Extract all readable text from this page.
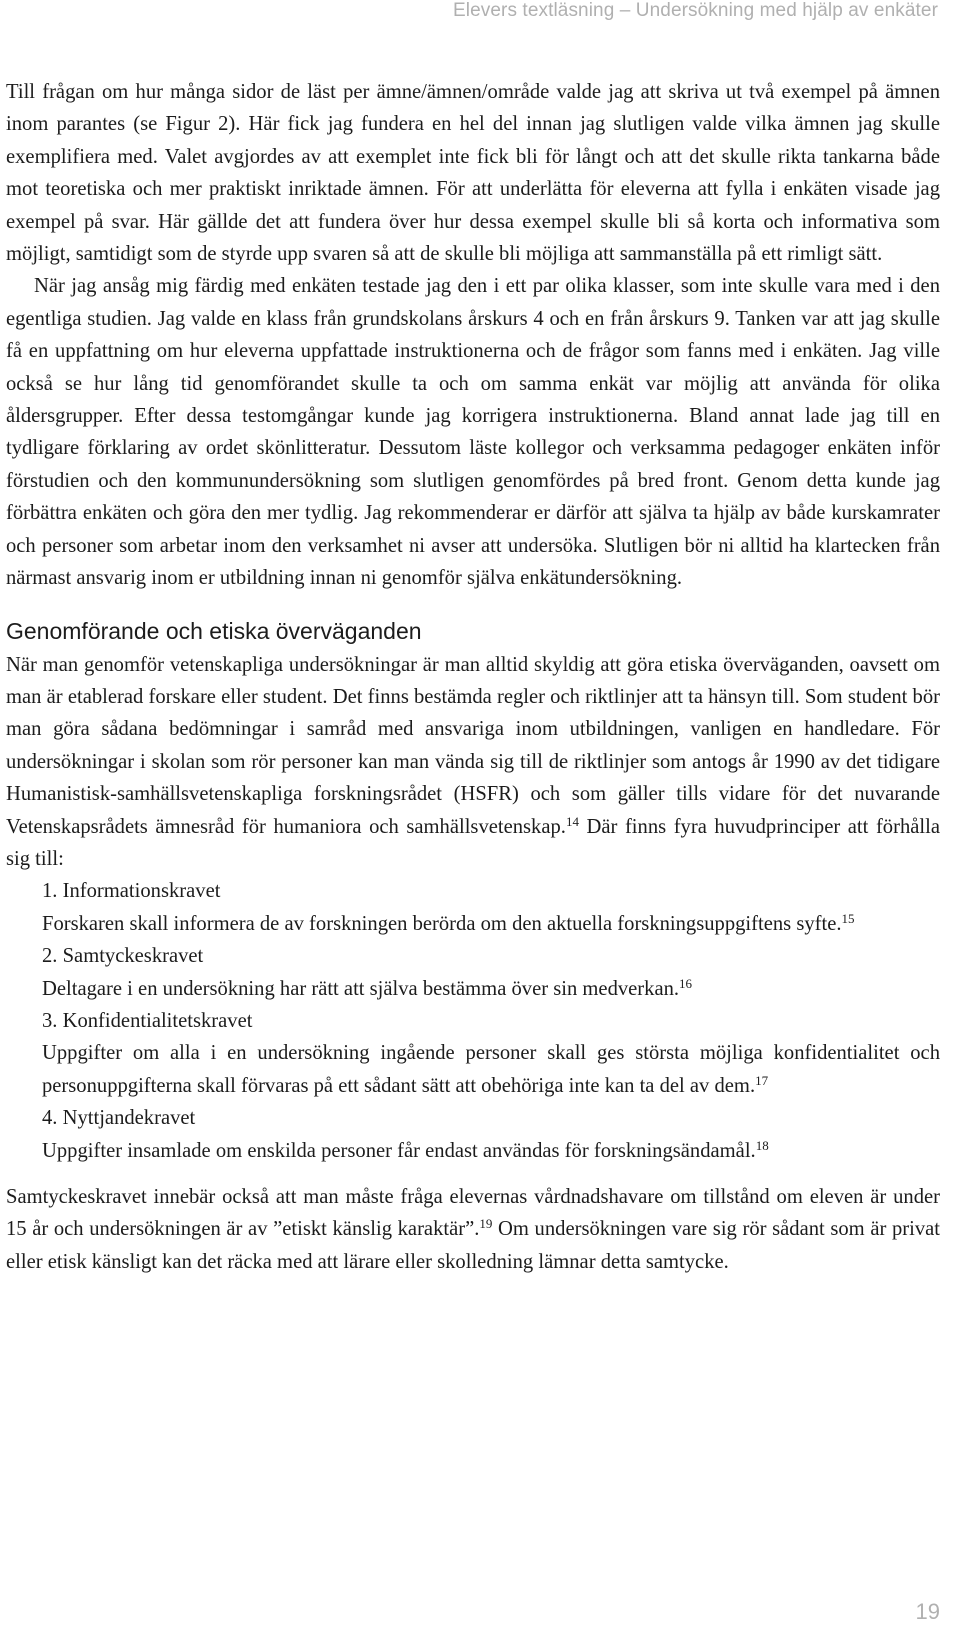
Elevers textläsning – Undersökning med hjälp av enkäter

Till frågan om hur många sidor de läst per ämne/ämnen/område valde jag att skriva ut två exempel på ämnen inom parantes (se Figur 2). Här fick jag fundera en hel del innan jag slutligen valde vilka ämnen jag skulle exemplifiera med. Valet avgjordes av att exemplet inte fick bli för långt och att det skulle rikta tankarna både mot teoretiska och mer praktiskt inriktade ämnen. För att underlätta för eleverna att fylla i enkäten visade jag exempel på svar. Här gällde det att fundera över hur dessa exempel skulle bli så korta och informativa som möjligt, samtidigt som de styrde upp svaren så att de skulle bli möjliga att sammanställa på ett rimligt sätt.

När jag ansåg mig färdig med enkäten testade jag den i ett par olika klasser, som inte skulle vara med i den egentliga studien. Jag valde en klass från grundskolans årskurs 4 och en från årskurs 9. Tanken var att jag skulle få en uppfattning om hur eleverna uppfattade instruktionerna och de frågor som fanns med i enkäten. Jag ville också se hur lång tid genomförandet skulle ta och om samma enkät var möjlig att använda för olika åldersgrupper. Efter dessa testomgångar kunde jag korrigera instruktionerna. Bland annat lade jag till en tydligare förklaring av ordet skönlitteratur. Dessutom läste kollegor och verksamma pedagoger enkäten inför förstudien och den kommunundersökning som slutligen genomfördes på bred front. Genom detta kunde jag förbättra enkäten och göra den mer tydlig. Jag rekommenderar er därför att själva ta hjälp av både kurskamrater och personer som arbetar inom den verksamhet ni avser att undersöka. Slutligen bör ni alltid ha klartecken från närmast ansvarig inom er utbildning innan ni genomför själva enkätundersökning.

Genomförande och etiska överväganden

När man genomför vetenskapliga undersökningar är man alltid skyldig att göra etiska överväganden, oavsett om man är etablerad forskare eller student. Det finns bestämda regler och riktlinjer att ta hänsyn till. Som student bör man göra sådana bedömningar i samråd med ansvariga inom utbildningen, vanligen en handledare. För undersökningar i skolan som rör personer kan man vända sig till de riktlinjer som antogs år 1990 av det tidigare Humanistisk-samhällsvetenskapliga forskningsrådet (HSFR) och som gäller tills vidare för det nuvarande Vetenskapsrådets ämnesråd för humaniora och samhällsvetenskap.$^{14}$ Där finns fyra huvudprinciper att förhålla sig till:

1. Informationskravet

Forskaren skall informera de av forskningen berörda om den aktuella forskningsuppgiftens syfte.$^{15}$

2. Samtyckeskravet

Deltagare i en undersökning har rätt att själva bestämma över sin medverkan.$^{16}$

3. Konfidentialitetskravet

Uppgifter om alla i en undersökning ingående personer skall ges största möjliga konfidentialitet och personuppgifterna skall förvaras på ett sådant sätt att obehöriga inte kan ta del av dem.$^{17}$

4. Nyttjandekravet

Uppgifter insamlade om enskilda personer får endast användas för forskningsändamål.$^{18}$

Samtyckeskravet innebär också att man måste fråga elevernas vårdnadshavare om tillstånd om eleven är under 15 år och undersökningen är av ”etiskt känslig karaktär”.$^{19}$ Om undersökningen vare sig rör sådant som är privat eller etisk känsligt kan det räcka med att lärare eller skolledning lämnar detta samtycke.

19
